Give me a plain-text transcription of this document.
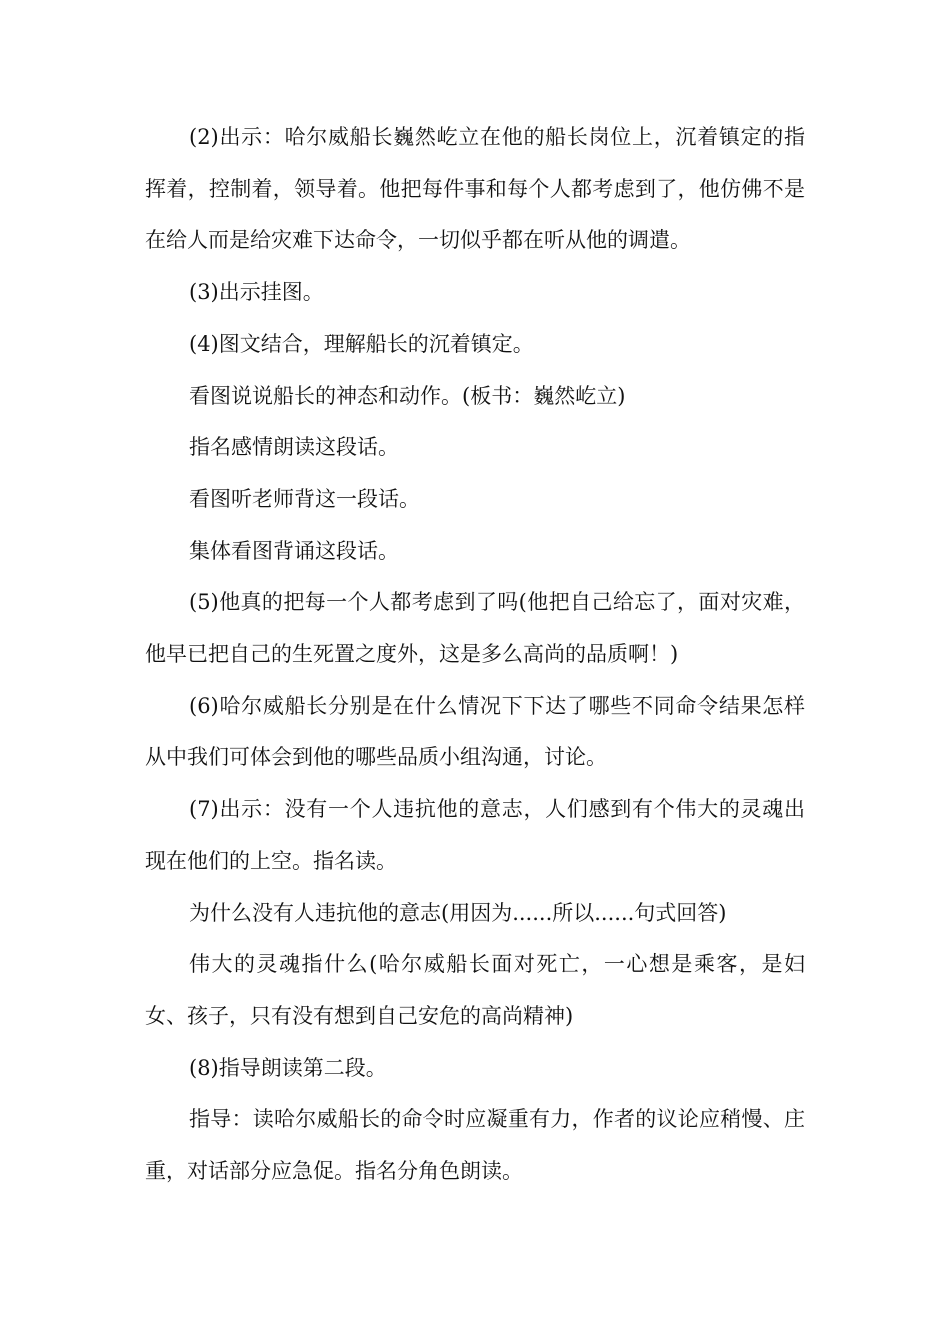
(2)出示：哈尔威船长巍然屹立在他的船长岗位上，沉着镇定的指挥着，控制着，领导着。他把每件事和每个人都考虑到了，他仿佛不是在给人而是给灾难下达命令，一切似乎都在听从他的调遣。

(3)出示挂图。

(4)图文结合，理解船长的沉着镇定。

看图说说船长的神态和动作。(板书：巍然屹立)

指名感情朗读这段话。

看图听老师背这一段话。

集体看图背诵这段话。

(5)他真的把每一个人都考虑到了吗(他把自己给忘了，面对灾难，他早已把自己的生死置之度外，这是多么高尚的品质啊！)

(6)哈尔威船长分别是在什么情况下下达了哪些不同命令结果怎样从中我们可体会到他的哪些品质小组沟通，讨论。

(7)出示：没有一个人违抗他的意志，人们感到有个伟大的灵魂出现在他们的上空。指名读。

为什么没有人违抗他的意志(用因为......所以......句式回答)

伟大的灵魂指什么(哈尔威船长面对死亡，一心想是乘客，是妇女、孩子，只有没有想到自己安危的高尚精神)

(8)指导朗读第二段。

指导：读哈尔威船长的命令时应凝重有力，作者的议论应稍慢、庄重，对话部分应急促。指名分角色朗读。
